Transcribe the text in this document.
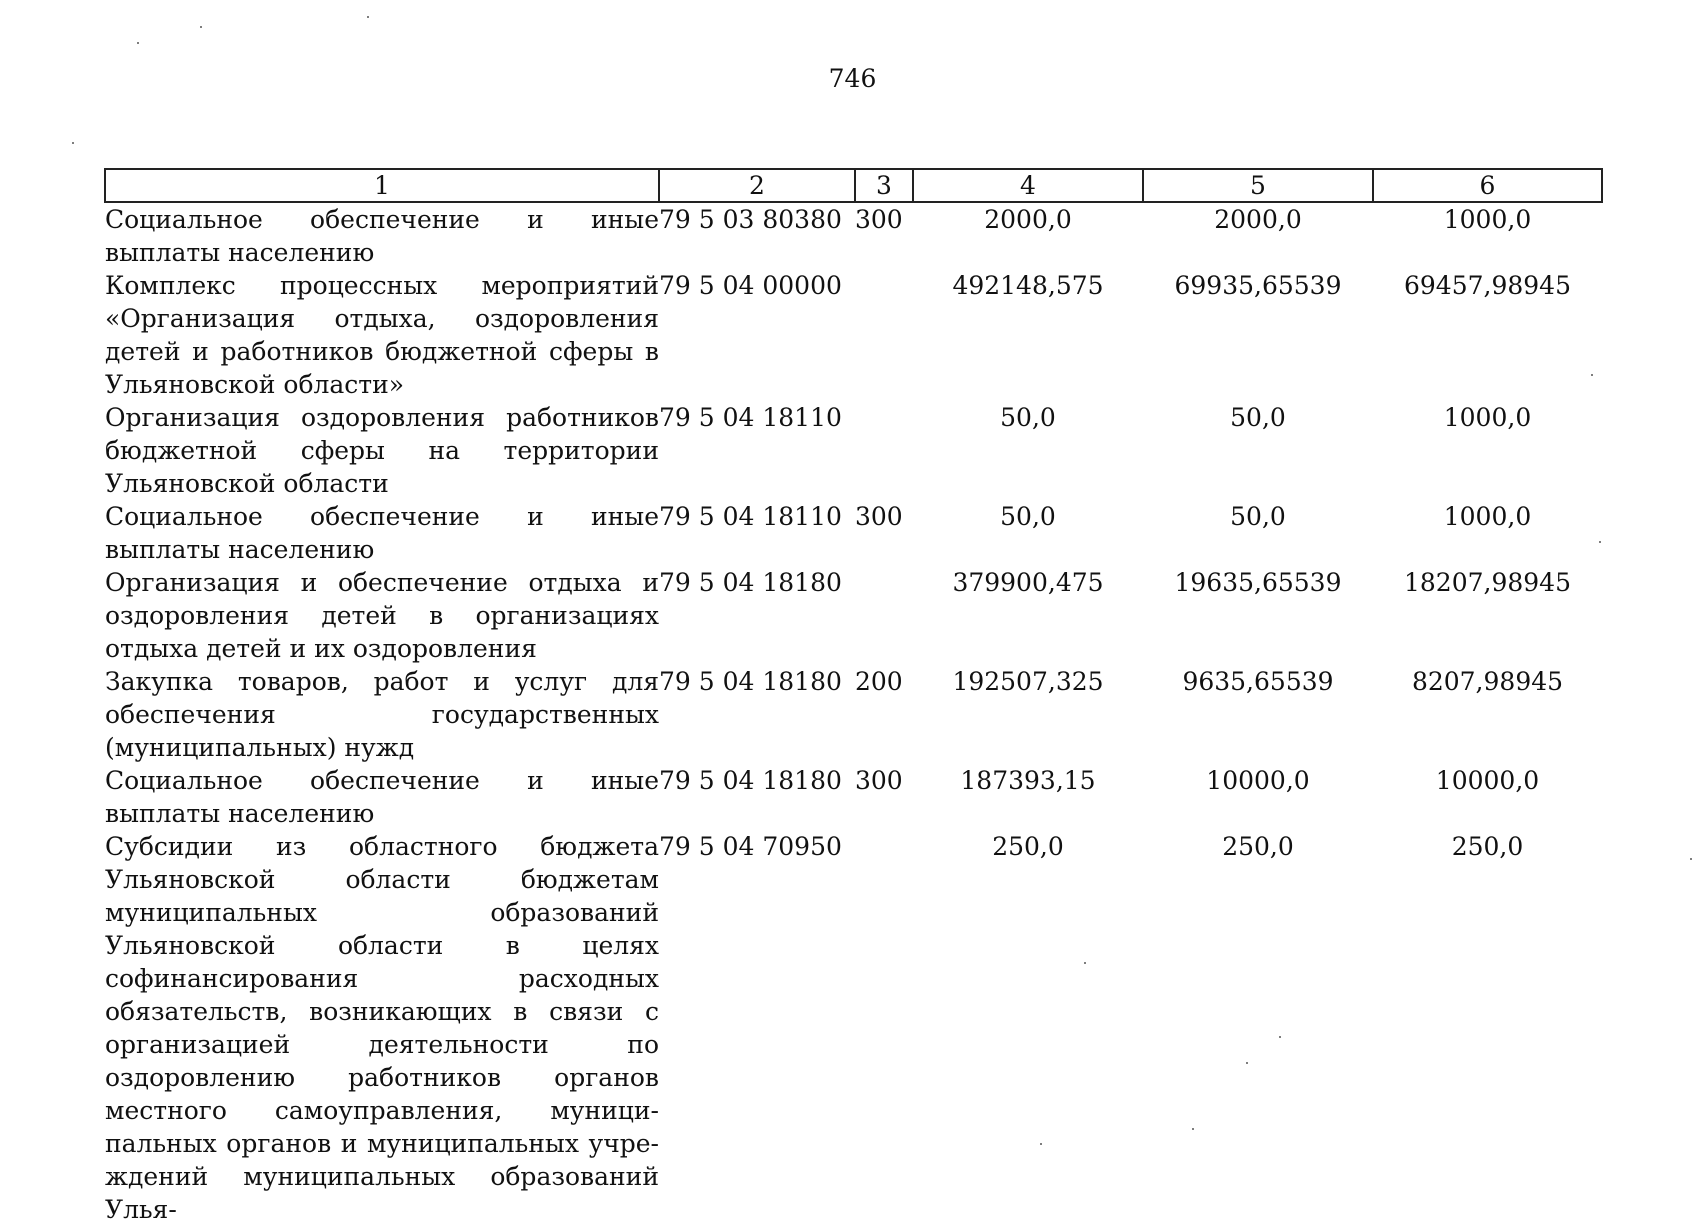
746
1	2	3	4	5	6
Социальное обеспечение и иные выплаты населению	79 5 03 80380	300	2000,0	2000,0	1000,0
Комплекс процессных мероприятий «Организация отдыха, оздоровления детей и работников бюджетной сферы в Ульяновской области»	79 5 04 00000		492148,575	69935,65539	69457,98945
Организация оздоровления работников бюджетной сферы на территории Ульяновской области	79 5 04 18110		50,0	50,0	1000,0
Социальное обеспечение и иные выплаты населению	79 5 04 18110	300	50,0	50,0	1000,0
Организация и обеспечение отдыха и оздоровления детей в организациях отдыха детей и их оздоровления	79 5 04 18180		379900,475	19635,65539	18207,98945
Закупка товаров, работ и услуг для обеспечения государственных (муниципальных) нужд	79 5 04 18180	200	192507,325	9635,65539	8207,98945
Социальное обеспечение и иные выплаты населению	79 5 04 18180	300	187393,15	10000,0	10000,0
Субсидии из областного бюджета Ульяновской области бюджетам муниципальных образований Ульяновской области в целях софинансирования расходных обязательств, возникающих в связи с организацией деятельности по оздоровлению работников органов местного самоуправления, муниципальных органов и муниципальных учреждений муниципальных образований Улья-	79 5 04 70950		250,0	250,0	250,0
